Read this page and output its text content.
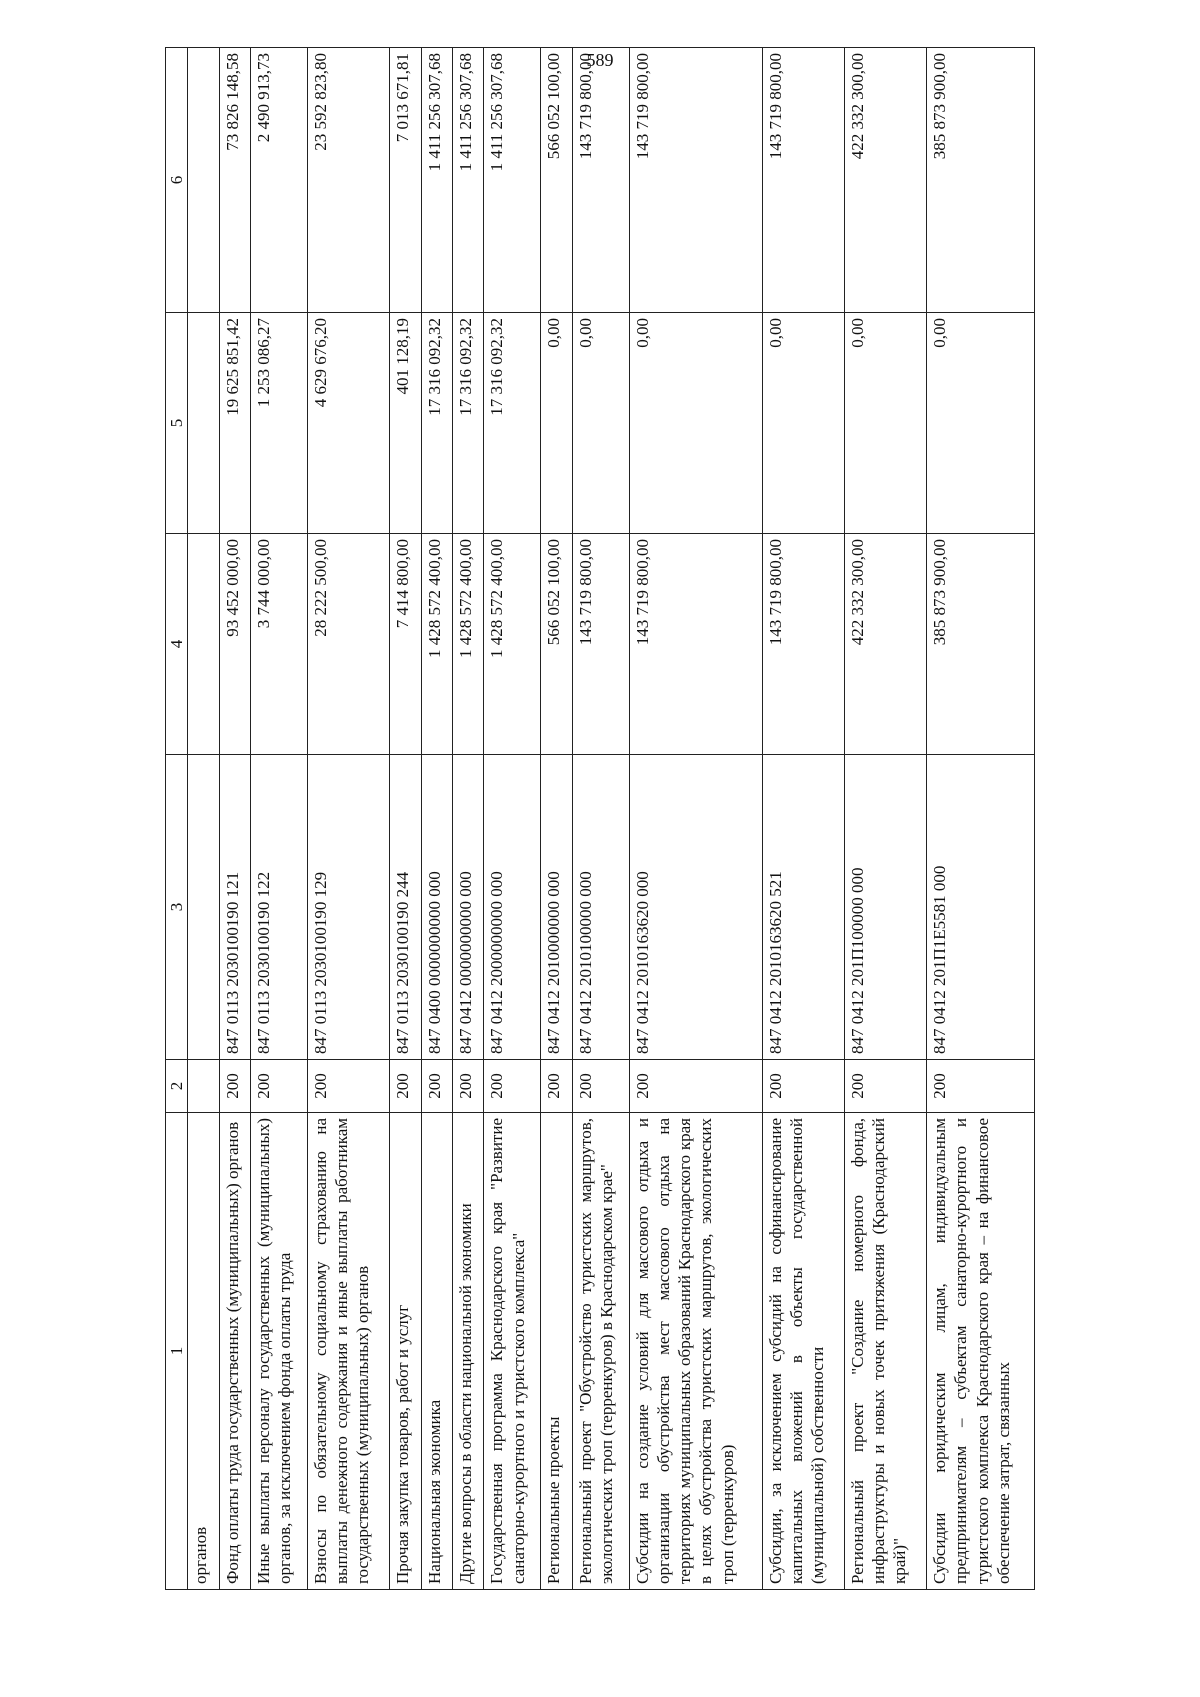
589
1	2	3	4	5	6
органов					
Фонд оплаты труда государственных (муниципальных) органов	200	847 0113 2030100190 121	93 452 000,00	19 625 851,42	73 826 148,58
Иные выплаты персоналу государственных (муниципальных) органов, за исключением фонда оплаты труда	200	847 0113 2030100190 122	3 744 000,00	1 253 086,27	2 490 913,73
Взносы по обязательному социальному страхованию на выплаты денежного содержания и иные выплаты работникам государственных (муниципальных) органов	200	847 0113 2030100190 129	28 222 500,00	4 629 676,20	23 592 823,80
Прочая закупка товаров, работ и услуг	200	847 0113 2030100190 244	7 414 800,00	401 128,19	7 013 671,81
Национальная экономика	200	847 0400 0000000000 000	1 428 572 400,00	17 316 092,32	1 411 256 307,68
Другие вопросы в области национальной экономики	200	847 0412 0000000000 000	1 428 572 400,00	17 316 092,32	1 411 256 307,68
Государственная программа Краснодарского края "Развитие санаторно-курортного и туристского комплекса"	200	847 0412 2000000000 000	1 428 572 400,00	17 316 092,32	1 411 256 307,68
Региональные проекты	200	847 0412 2010000000 000	566 052 100,00	0,00	566 052 100,00
Региональный проект "Обустройство туристских маршрутов, экологических троп (терренкуров) в Краснодарском крае"	200	847 0412 2010100000 000	143 719 800,00	0,00	143 719 800,00
Субсидии на создание условий для массового отдыха и организации обустройства мест массового отдыха на территориях муниципальных образований Краснодарского края в целях обустройства туристских маршрутов, экологических троп (терренкуров)	200	847 0412 2010163620 000	143 719 800,00	0,00	143 719 800,00
Субсидии, за исключением субсидий на софинансирование капитальных вложений в объекты государственной (муниципальной) собственности	200	847 0412 2010163620 521	143 719 800,00	0,00	143 719 800,00
Региональный проект "Создание номерного фонда, инфраструктуры и новых точек притяжения (Краснодарский край)"	200	847 0412 201П100000 000	422 332 300,00	0,00	422 332 300,00
Субсидии юридическим лицам, индивидуальным предпринимателям – субъектам санаторно-курортного и туристского комплекса Краснодарского края – на финансовое обеспечение затрат, связанных	200	847 0412 201П1Е5581 000	385 873 900,00	0,00	385 873 900,00
